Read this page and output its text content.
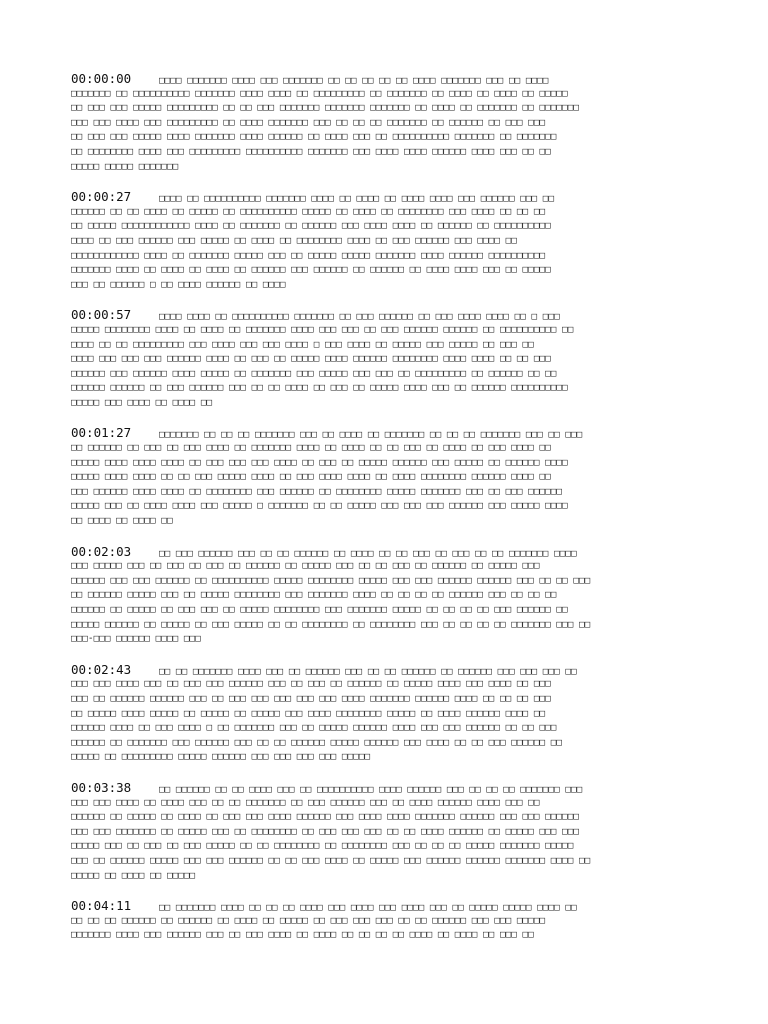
00:00:00	□□□□ □□□□□□□ □□□□ □□□ □□□□□□□ □□ □□ □□ □□ □□ □□□□ □□□□□□□ □□□ □□ □□□□
□□□□□□□ □□ □□□□□□□□□□ □□□□□□□ □□□□ □□□□ □□ □□□□□□□□□ □□ □□□□□□□ □□ □□□□ □□ □□□□ □□ □□□□□
□□ □□□ □□□ □□□□□ □□□□□□□□□ □□ □□ □□□ □□□□□□□ □□□□□□□ □□□□□□□ □□ □□□□ □□ □□□□□□□ □□ □□□□□□□
□□□ □□□ □□□□ □□□ □□□□□□□□□ □□ □□□□ □□□□□□□ □□□ □□ □□ □□ □□□□□□□ □□ □□□□□□ □□ □□□ □□□
□□ □□□ □□□ □□□□□ □□□□ □□□□□□□ □□□□ □□□□□□ □□ □□□□ □□□ □□ □□□□□□□□□□ □□□□□□□ □□ □□□□□□□
□□ □□□□□□□□ □□□□ □□□ □□□□□□□□□ □□□□□□□□□□ □□□□□□□ □□□ □□□□ □□□□ □□□□□□ □□□□ □□□ □□ □□
□□□□□ □□□□□ □□□□□□□
00:00:27	□□□□ □□ □□□□□□□□□□ □□□□□□□ □□□□ □□ □□□□ □□ □□□□ □□□□ □□□ □□□□□□ □□□ □□
□□□□□□ □□ □□ □□□□ □□ □□□□□ □□ □□□□□□□□□□ □□□□□ □□ □□□□ □□ □□□□□□□□ □□□ □□□□ □□ □□ □□
□□ □□□□□ □□□□□□□□□□□□ □□□□ □□ □□□□□□□ □□ □□□□□□ □□□ □□□□ □□□□ □□ □□□□□□ □□ □□□□□□□□□□
□□□□ □□ □□□ □□□□□□ □□□ □□□□□ □□ □□□□ □□ □□□□□□□□ □□□□ □□ □□□ □□□□□□ □□□ □□□□ □□
□□□□□□□□□□□□ □□□□ □□ □□□□□□□ □□□□□ □□□ □□ □□□□□ □□□□□ □□□□□□□ □□□□ □□□□□□ □□□□□□□□□□
□□□□□□□ □□□□ □□ □□□□ □□ □□□□ □□ □□□□□□ □□□ □□□□□□ □□ □□□□□□ □□ □□□□ □□□□ □□□ □□ □□□□□
□□□ □□ □□□□□□ □ □□ □□□□ □□□□□□ □□ □□□□
00:00:57	□□□□ □□□□ □□ □□□□□□□□□□ □□□□□□□ □□ □□□ □□□□□□ □□ □□□ □□□□ □□□□ □□ □ □□□
□□□□□ □□□□□□□□ □□□□ □□ □□□□ □□ □□□□□□□ □□□□ □□□ □□□ □□ □□□ □□□□□□ □□□□□□ □□ □□□□□□□□□□ □□
□□□□ □□ □□ □□□□□□□□□ □□□ □□□□ □□□ □□□ □□□□ □ □□□ □□□□ □□ □□□□□ □□□ □□□□□ □□ □□□ □□
□□□□ □□□ □□□ □□□ □□□□□□ □□□□ □□ □□□ □□ □□□□□ □□□□ □□□□□□ □□□□□□□□ □□□□ □□□□ □□ □□ □□□
□□□□□□ □□□ □□□□□□ □□□□ □□□□□ □□ □□□□□□□ □□□ □□□□□ □□□ □□□ □□ □□□□□□□□□ □□ □□□□□□ □□ □□
□□□□□□ □□□□□□ □□ □□□ □□□□□□ □□□ □□ □□ □□□□ □□ □□□ □□ □□□□□ □□□□ □□□ □□ □□□□□□ □□□□□□□□□□
□□□□□ □□□ □□□□ □□ □□□□ □□
00:01:27	□□□□□□□ □□ □□ □□ □□□□□□□ □□□ □□ □□□□ □□ □□□□□□□ □□ □□ □□ □□□□□□□ □□□ □□ □□□
□□ □□□□□□ □□ □□□ □□ □□□ □□□□ □□ □□□□□□□ □□□□ □□ □□□□ □□ □□ □□□ □□ □□□□ □□ □□□ □□□□ □□
□□□□□ □□□□ □□□□ □□□□ □□ □□□ □□□ □□□ □□□□ □□ □□□ □□ □□□□□ □□□□□□ □□□ □□□□□ □□ □□□□□□ □□□□
□□□□□ □□□□ □□□□ □□ □□ □□□ □□□□□ □□□□ □□ □□□ □□□□ □□□□ □□ □□□□ □□□□□□□□ □□□□□□ □□□□ □□
□□□ □□□□□□ □□□□ □□□□ □□ □□□□□□□□ □□□ □□□□□□ □□ □□□□□□□□ □□□□□ □□□□□□□ □□□ □□ □□□ □□□□□□
□□□□□ □□□ □□ □□□□ □□□□ □□□ □□□□□ □ □□□□□□□ □□ □□ □□□□□ □□□ □□□ □□□ □□□□□□ □□□ □□□□□ □□□□
□□ □□□□ □□ □□□□ □□
00:02:03	□□ □□□ □□□□□□ □□□ □□ □□ □□□□□□ □□ □□□□ □□ □□ □□□ □□ □□□ □□ □□ □□□□□□□ □□□□
□□□ □□□□□ □□□ □□ □□□ □□ □□□ □□ □□□□□□ □□ □□□□□ □□□ □□ □□ □□□ □□ □□□□□□ □□ □□□□□ □□□
□□□□□□ □□□ □□□ □□□□□□ □□ □□□□□□□□□□ □□□□□ □□□□□□□□ □□□□□ □□□ □□□ □□□□□□ □□□□□□ □□□ □□ □□ □□□
□□ □□□□□□ □□□□□ □□□ □□ □□□□□ □□□□□□□□ □□□ □□□□□□□ □□□□ □□ □□ □□ □□ □□□□□□ □□□ □□ □□ □□
□□□□□□ □□ □□□□□ □□ □□□ □□□ □□ □□□□□ □□□□□□□□ □□□ □□□□□□□ □□□□□ □□ □□ □□ □□ □□□ □□□□□□ □□
□□□□□ □□□□□□ □□ □□□□□ □□ □□□ □□□□□ □□ □□ □□□□□□□□ □□ □□□□□□□□ □□□ □□ □□ □□ □□ □□□□□□□ □□□ □□
□□□-□□□ □□□□□□ □□□□ □□□
00:02:43	□□ □□ □□□□□□□ □□□□ □□□ □□ □□□□□□ □□□ □□ □□ □□□□□□ □□ □□□□□□ □□□ □□□ □□□ □□
□□□ □□□ □□□□ □□□ □□ □□□ □□□ □□□□□□ □□□ □□ □□□ □□ □□□□□□ □□ □□□□□ □□□□ □□□ □□□□ □□ □□□
□□□ □□ □□□□□□ □□□□□□ □□□ □□ □□□ □□□ □□□ □□□ □□□ □□□□ □□□□□□□ □□□□□□ □□□□ □□ □□ □□ □□□
□□ □□□□□ □□□□ □□□□□ □□ □□□□□ □□ □□□□□ □□□ □□□□ □□□□□□□□ □□□□□ □□ □□□□ □□□□□□ □□□□ □□
□□□□□□ □□□□ □□ □□□ □□□□ □ □□ □□□□□□□ □□□ □□ □□□□□ □□□□□□ □□□□ □□□ □□□ □□□□□□ □□ □□ □□□
□□□□□□ □□ □□□□□□□ □□□ □□□□□□ □□□ □□ □□ □□□□□□ □□□□□ □□□□□□ □□□ □□□□ □□ □□ □□□ □□□□□□ □□
□□□□□ □□ □□□□□□□□□ □□□□□ □□□□□□ □□□ □□□ □□□ □□□ □□□□□
00:03:38	□□ □□□□□□ □□ □□ □□□□ □□□ □□ □□□□□□□□□□ □□□□ □□□□□□ □□□ □□ □□ □□ □□□□□□□ □□□
□□□ □□□ □□□□ □□ □□□□ □□□ □□ □□ □□□□□□□ □□ □□□ □□□□□□ □□□ □□ □□□□ □□□□□□ □□□□ □□□ □□
□□□□□□ □□ □□□□□ □□ □□□□ □□ □□□ □□□ □□□□ □□□□□□ □□□ □□□□ □□□□ □□□□□□□ □□□□□□ □□□ □□□ □□□□□□
□□□ □□□ □□□□□□□ □□ □□□□□ □□□ □□ □□□□□□□□ □□ □□□ □□□ □□□ □□ □□ □□□□ □□□□□□ □□ □□□□□ □□□ □□□
□□□□□ □□□ □□ □□□ □□ □□□ □□□□□ □□ □□ □□□□□□□□ □□ □□□□□□□□ □□□ □□ □□ □□ □□□□□ □□□□□□□ □□□□□
□□□ □□ □□□□□□ □□□□□ □□□ □□□ □□□□□□ □□ □□ □□□ □□□□ □□ □□□□□ □□□ □□□□□□ □□□□□□ □□□□□□□ □□□□ □□
□□□□□ □□ □□□□ □□ □□□□□
00:04:11	□□ □□□□□□□ □□□□ □□ □□ □□ □□□□ □□□ □□□□ □□□ □□□□ □□□ □□ □□□□□ □□□□□ □□□□ □□
□□ □□ □□ □□□□□□ □□ □□□□□□ □□ □□□□ □□ □□□□□ □□ □□□ □□□ □□□ □□ □□ □□□□□□ □□□ □□□ □□□□□
□□□□□□□ □□□□ □□□ □□□□□□ □□□ □□ □□□ □□□□ □□ □□□□ □□ □□ □□ □□ □□□□ □□ □□□□ □□ □□□ □□
